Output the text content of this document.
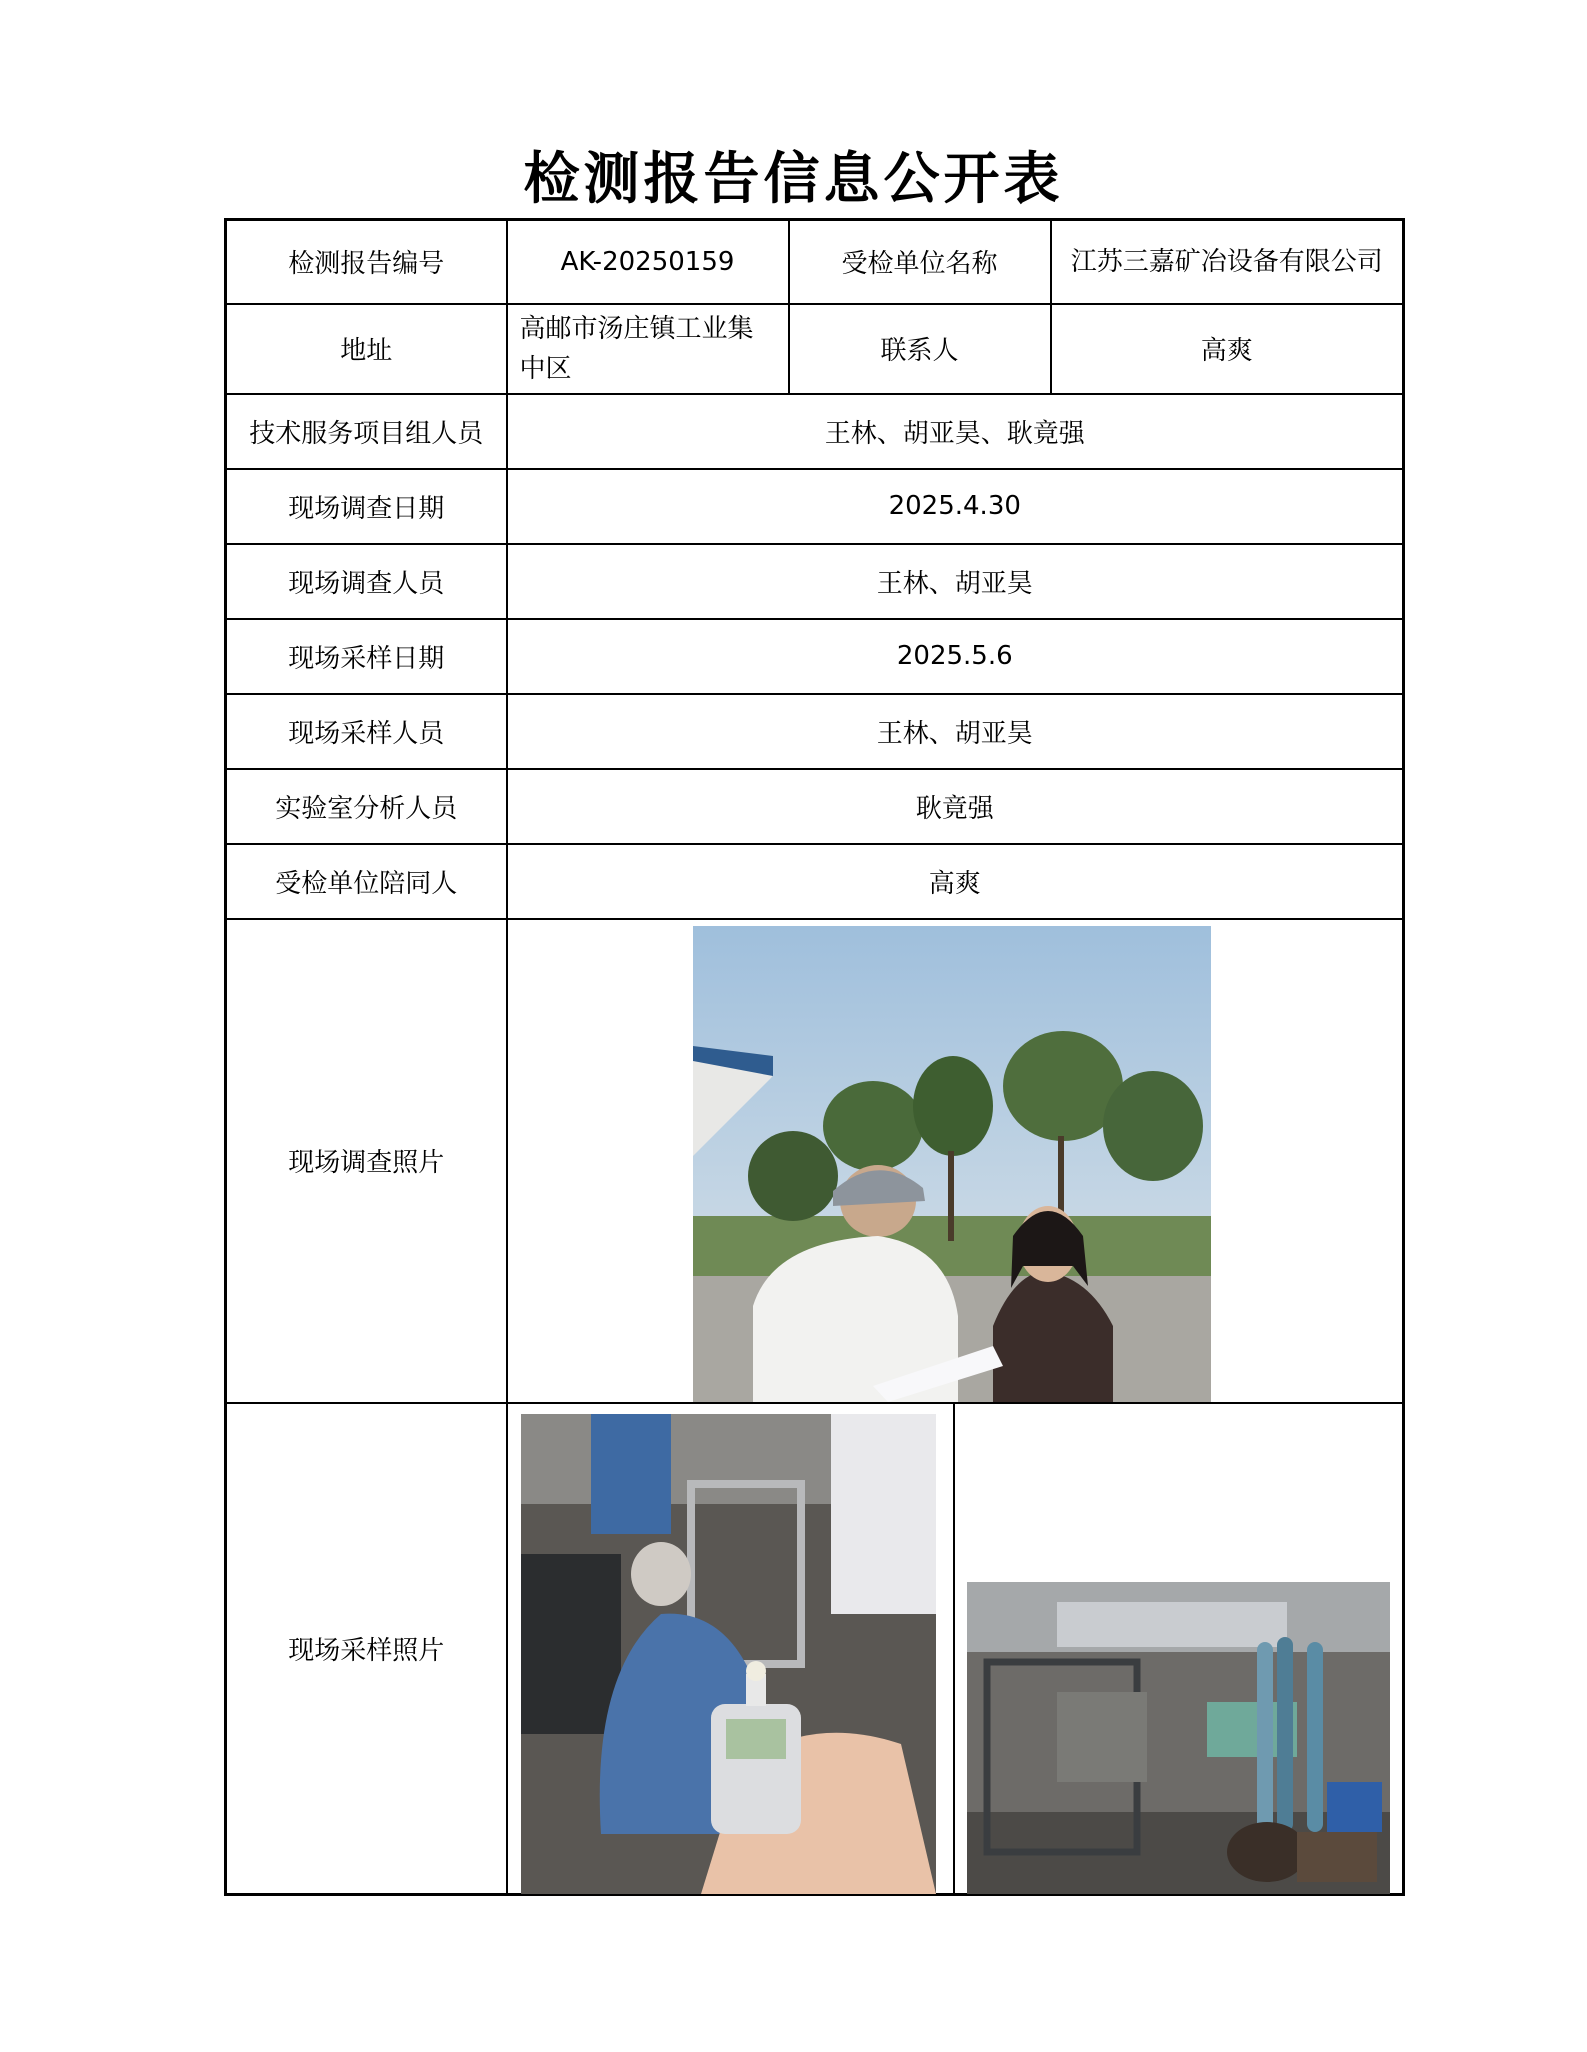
检测报告信息公开表
检测报告编号	AK-20250159	受检单位名称	江苏三嘉矿冶设备有限公司
地址	高邮市汤庄镇工业集中区	联系人	高爽
技术服务项目组人员	王林、胡亚昊、耿竟强		
现场调查日期	2025.4.30		
现场调查人员	王林、胡亚昊		
现场采样日期	2025.5.6		
现场采样人员	王林、胡亚昊		
实验室分析人员	耿竟强		
受检单位陪同人	高爽		
现场调查照片	

现场采样照片	
